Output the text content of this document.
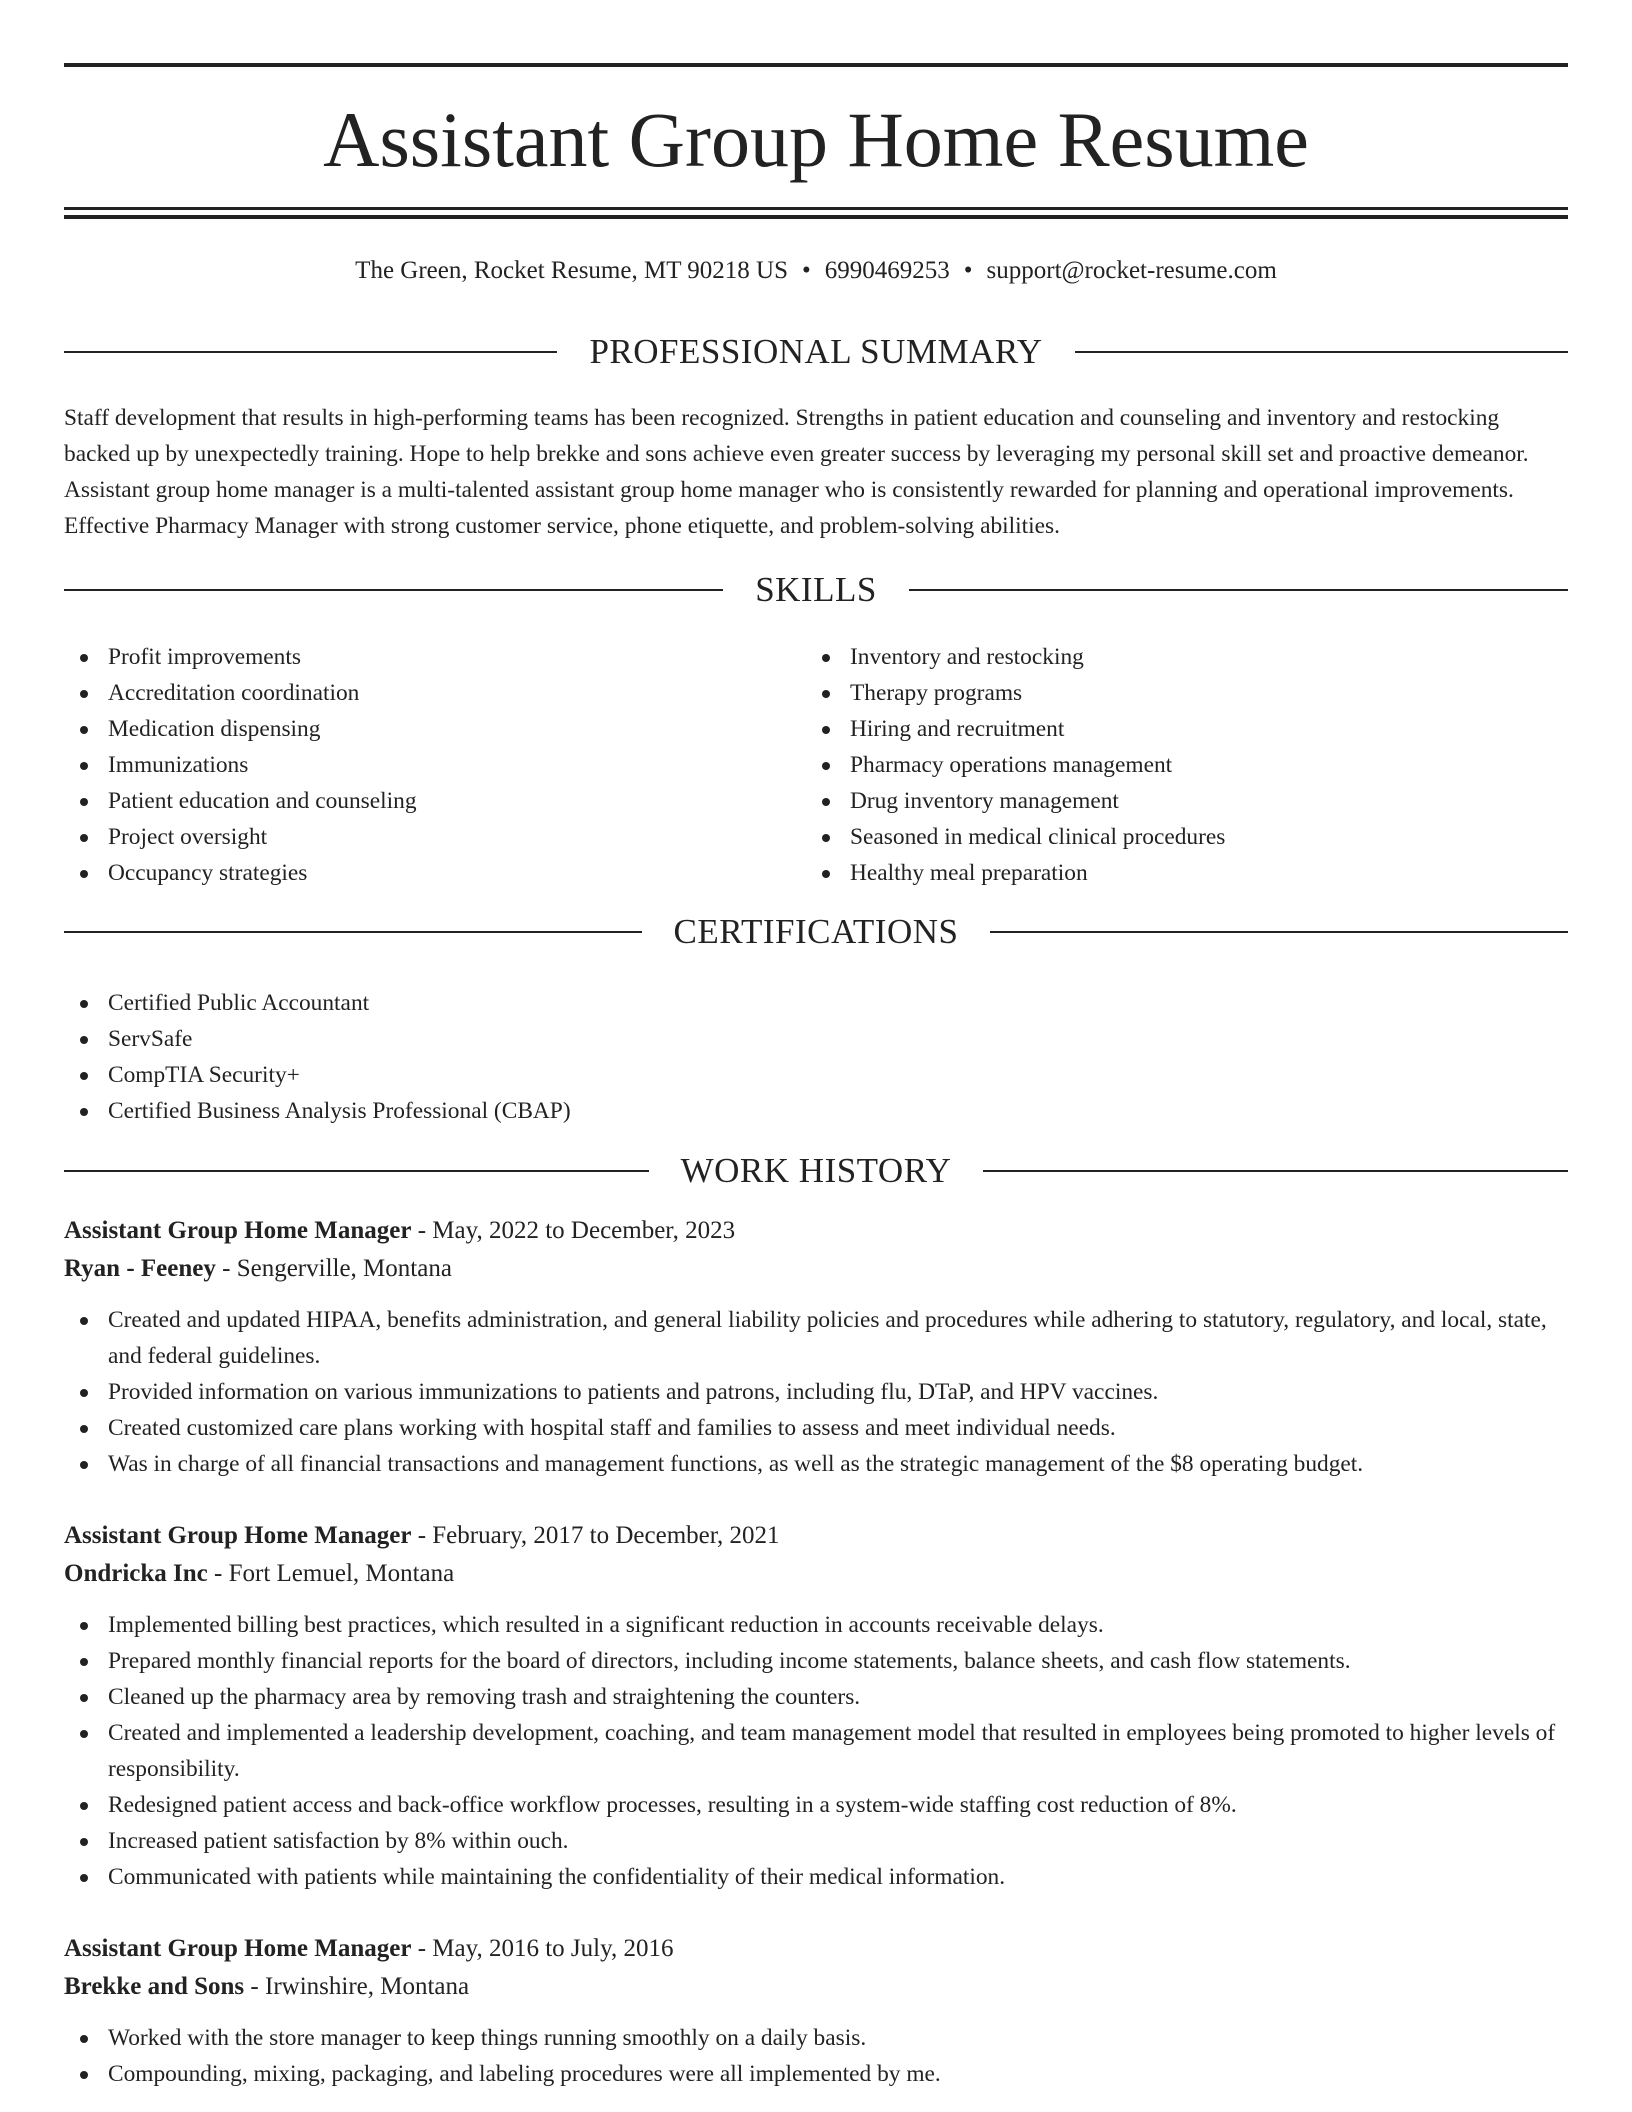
Assistant Group Home Resume
The Green, Rocket Resume, MT 90218 US • 6990469253 • support@rocket-resume.com
PROFESSIONAL SUMMARY

Staff development that results in high-performing teams has been recognized. Strengths in patient education and counseling and inventory and restocking backed up by unexpectedly training. Hope to help brekke and sons achieve even greater success by leveraging my personal skill set and proactive demeanor. Assistant group home manager is a multi-talented assistant group home manager who is consistently rewarded for planning and operational improvements. Effective Pharmacy Manager with strong customer service, phone etiquette, and problem-solving abilities.

SKILLS
Profit improvements
Accreditation coordination
Medication dispensing
Immunizations
Patient education and counseling
Project oversight
Occupancy strategies
Inventory and restocking
Therapy programs
Hiring and recruitment
Pharmacy operations management
Drug inventory management
Seasoned in medical clinical procedures
Healthy meal preparation
CERTIFICATIONS
Certified Public Accountant
ServSafe
CompTIA Security+
Certified Business Analysis Professional (CBAP)
WORK HISTORY
Assistant Group Home Manager - May, 2022 to December, 2023
Ryan - Feeney - Sengerville, Montana
Created and updated HIPAA, benefits administration, and general liability policies and procedures while adhering to statutory, regulatory, and local, state, and federal guidelines.
Provided information on various immunizations to patients and patrons, including flu, DTaP, and HPV vaccines.
Created customized care plans working with hospital staff and families to assess and meet individual needs.
Was in charge of all financial transactions and management functions, as well as the strategic management of the $8 operating budget.
Assistant Group Home Manager - February, 2017 to December, 2021
Ondricka Inc - Fort Lemuel, Montana
Implemented billing best practices, which resulted in a significant reduction in accounts receivable delays.
Prepared monthly financial reports for the board of directors, including income statements, balance sheets, and cash flow statements.
Cleaned up the pharmacy area by removing trash and straightening the counters.
Created and implemented a leadership development, coaching, and team management model that resulted in employees being promoted to higher levels of responsibility.
Redesigned patient access and back-office workflow processes, resulting in a system-wide staffing cost reduction of 8%.
Increased patient satisfaction by 8% within ouch.
Communicated with patients while maintaining the confidentiality of their medical information.
Assistant Group Home Manager - May, 2016 to July, 2016
Brekke and Sons - Irwinshire, Montana
Worked with the store manager to keep things running smoothly on a daily basis.
Compounding, mixing, packaging, and labeling procedures were all implemented by me.
